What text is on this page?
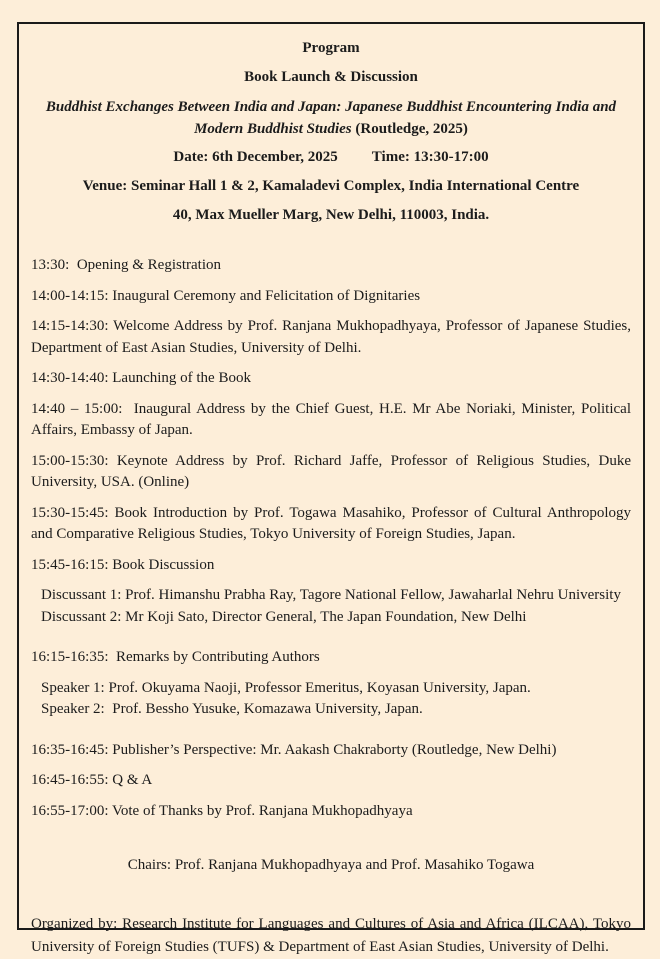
Program

Book Launch & Discussion

Buddhist Exchanges Between India and Japan: Japanese Buddhist Encountering India and Modern Buddhist Studies (Routledge, 2025)

Date: 6th December, 2025 Time: 13:30-17:00

Venue: Seminar Hall 1 & 2, Kamaladevi Complex, India International Centre

40, Max Mueller Marg, New Delhi, 110003, India.

13:30:  Opening & Registration

14:00-14:15: Inaugural Ceremony and Felicitation of Dignitaries

14:15-14:30: Welcome Address by Prof. Ranjana Mukhopadhyaya, Professor of Japanese Studies, Department of East Asian Studies, University of Delhi.

14:30-14:40: Launching of the Book

14:40 – 15:00:  Inaugural Address by the Chief Guest, H.E. Mr Abe Noriaki, Minister, Political Affairs, Embassy of Japan.

15:00-15:30: Keynote Address by Prof. Richard Jaffe, Professor of Religious Studies, Duke University, USA. (Online)

15:30-15:45: Book Introduction by Prof. Togawa Masahiko, Professor of Cultural Anthropology and Comparative Religious Studies, Tokyo University of Foreign Studies, Japan.

15:45-16:15: Book Discussion

Discussant 1: Prof. Himanshu Prabha Ray, Tagore National Fellow, Jawaharlal Nehru University

Discussant 2: Mr Koji Sato, Director General, The Japan Foundation, New Delhi

16:15-16:35:  Remarks by Contributing Authors

Speaker 1: Prof. Okuyama Naoji, Professor Emeritus, Koyasan University, Japan.

Speaker 2:  Prof. Bessho Yusuke, Komazawa University, Japan.

16:35-16:45: Publisher’s Perspective: Mr. Aakash Chakraborty (Routledge, New Delhi)

16:45-16:55: Q & A

16:55-17:00: Vote of Thanks by Prof. Ranjana Mukhopadhyaya

Chairs: Prof. Ranjana Mukhopadhyaya and Prof. Masahiko Togawa

Organized by: Research Institute for Languages and Cultures of Asia and Africa (ILCAA), Tokyo University of Foreign Studies (TUFS) & Department of East Asian Studies, University of Delhi.
